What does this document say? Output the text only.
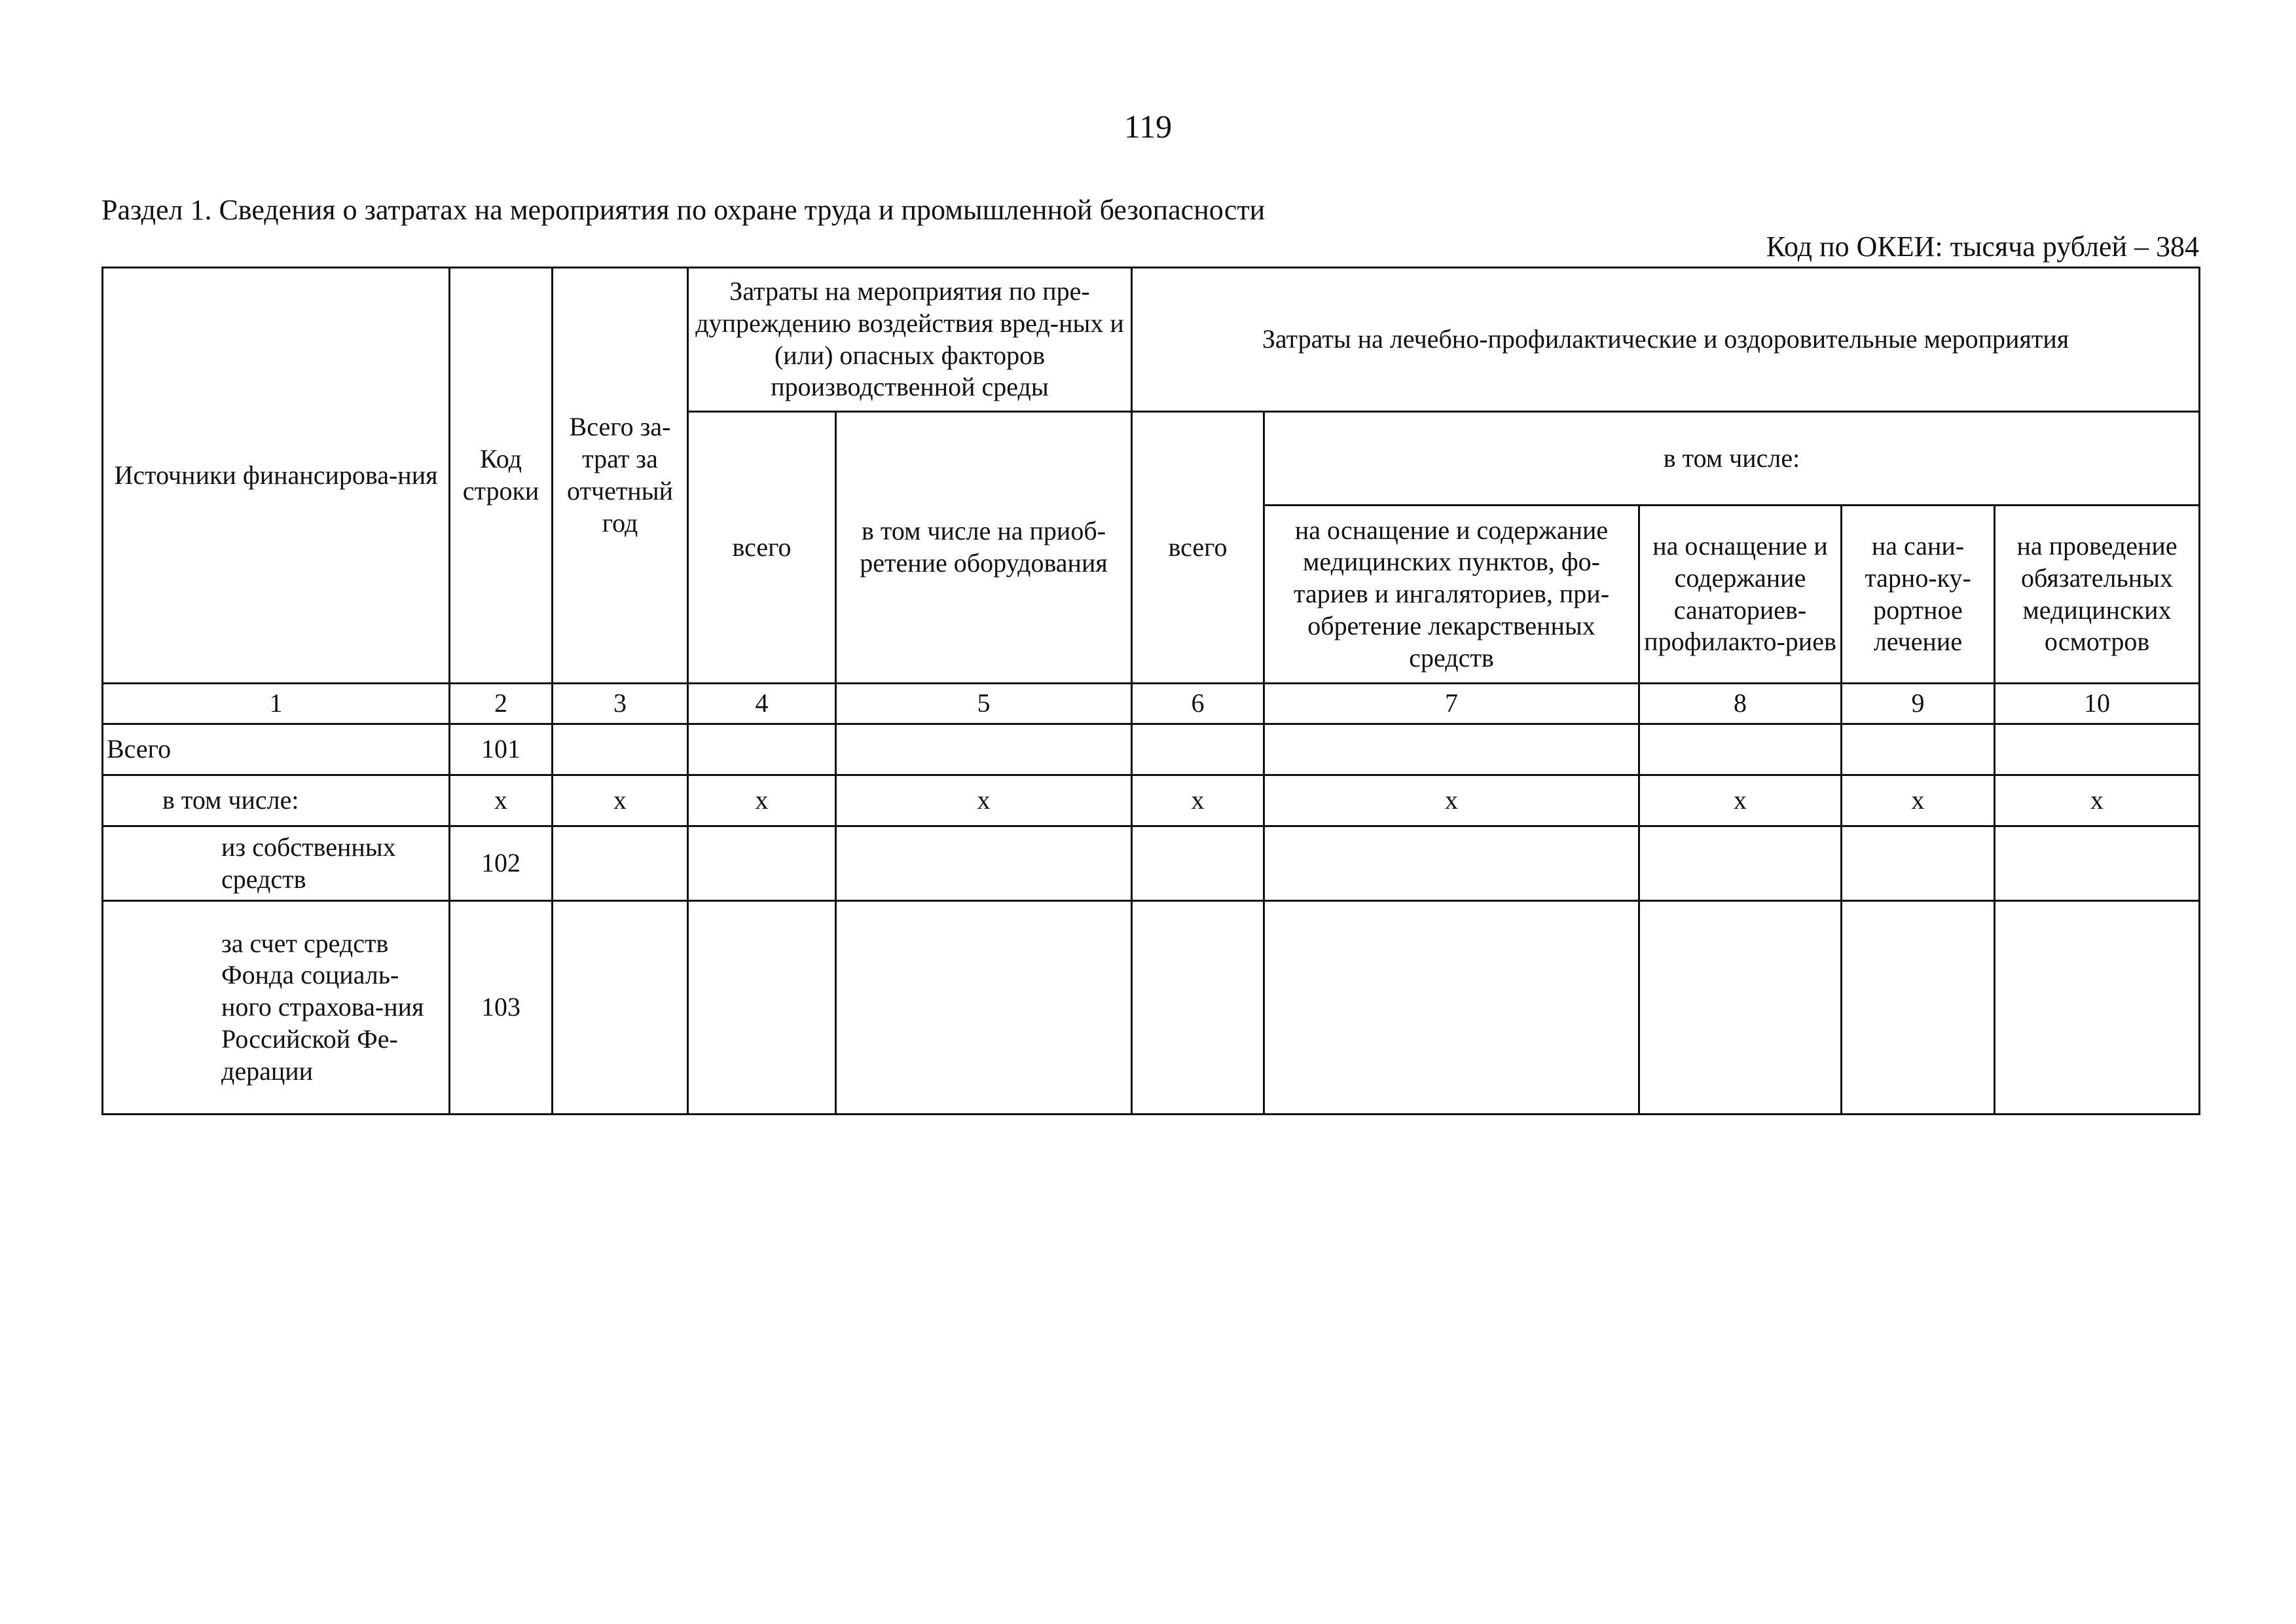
119
Раздел 1. Сведения о затратах на мероприятия по охране труда и промышленной безопасности
Код по ОКЕИ: тысяча рублей – 384
Источники финансирова-ния	Код строки	Всего за-трат за отчетный год	Затраты на мероприятия по пре-дупреждению воздействия вред-ных и (или) опасных факторов производственной среды		Затраты на лечебно-профилактические и оздоровительные мероприятия				
			всего	в том числе на приоб-ретение оборудования	всего	в том числе:			
						на оснащение и содержание медицинских пунктов, фо-тариев и ингаляториев, при-обретение лекарственных средств	на оснащение и содержание санаториев-профилакто-риев	на сани-тарно-ку-рортное лечение	на проведение обязательных медицинских осмотров
1	2	3	4	5	6	7	8	9	10
Всего	101								
в том числе:	x	x	x	x	x	x	x	x	x
из собственных средств	102								
за счет средств Фонда социаль-ного страхова-ния Российской Фе-дерации	103								
